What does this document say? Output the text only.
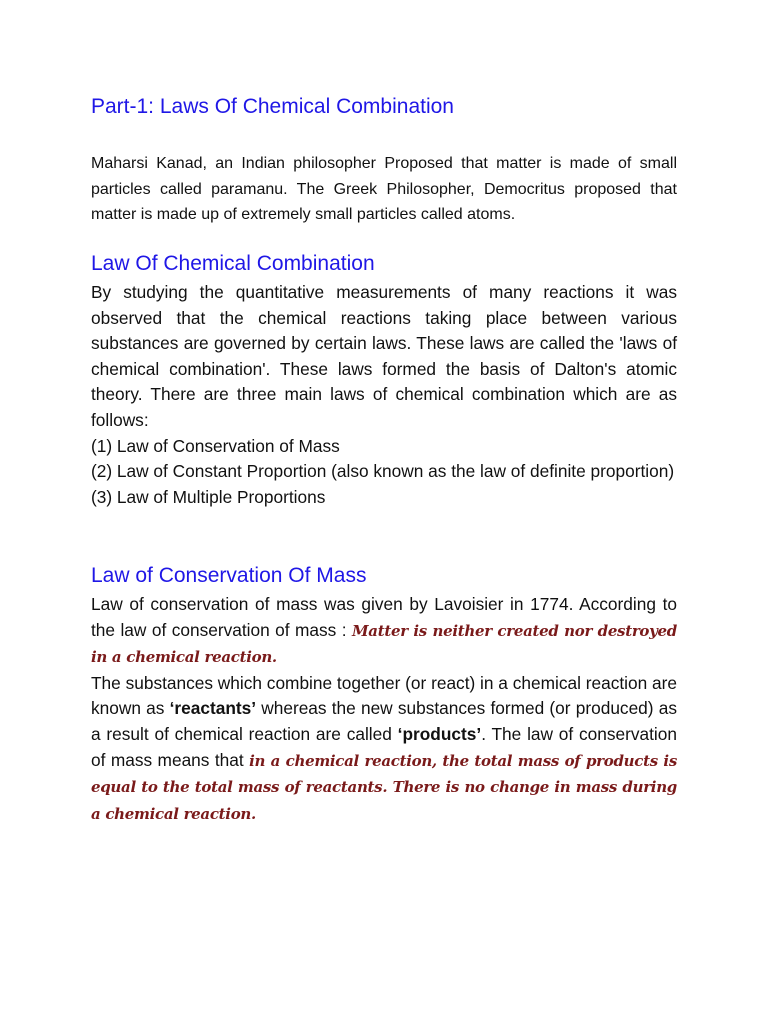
Part-1: Laws Of Chemical Combination

Maharsi Kanad, an Indian philosopher Proposed that matter is made of small particles called paramanu. The Greek Philosopher, Democritus proposed that matter is made up of extremely small particles called atoms.

Law Of Chemical Combination

By studying the quantitative measurements of many reactions it was observed that the chemical reactions taking place between various substances are governed by certain laws. These laws are called the 'laws of chemical combination'. These laws formed the basis of Dalton's atomic theory. There are three main laws of chemical combination which are as follows:

(1) Law of Conservation of Mass
(2) Law of Constant Proportion (also known as the law of definite proportion)
(3) Law of Multiple Proportions
Law of Conservation Of Mass

Law of conservation of mass was given by Lavoisier in 1774. According to the law of conservation of mass : Matter is neither created nor destroyed in a chemical reaction.

The substances which combine together (or react) in a chemical reaction are known as ‘reactants’ whereas the new substances formed (or produced) as a result of chemical reaction are called ‘products’. The law of conservation of mass means that in a chemical reaction, the total mass of products is equal to the total mass of reactants. There is no change in mass during a chemical reaction.
